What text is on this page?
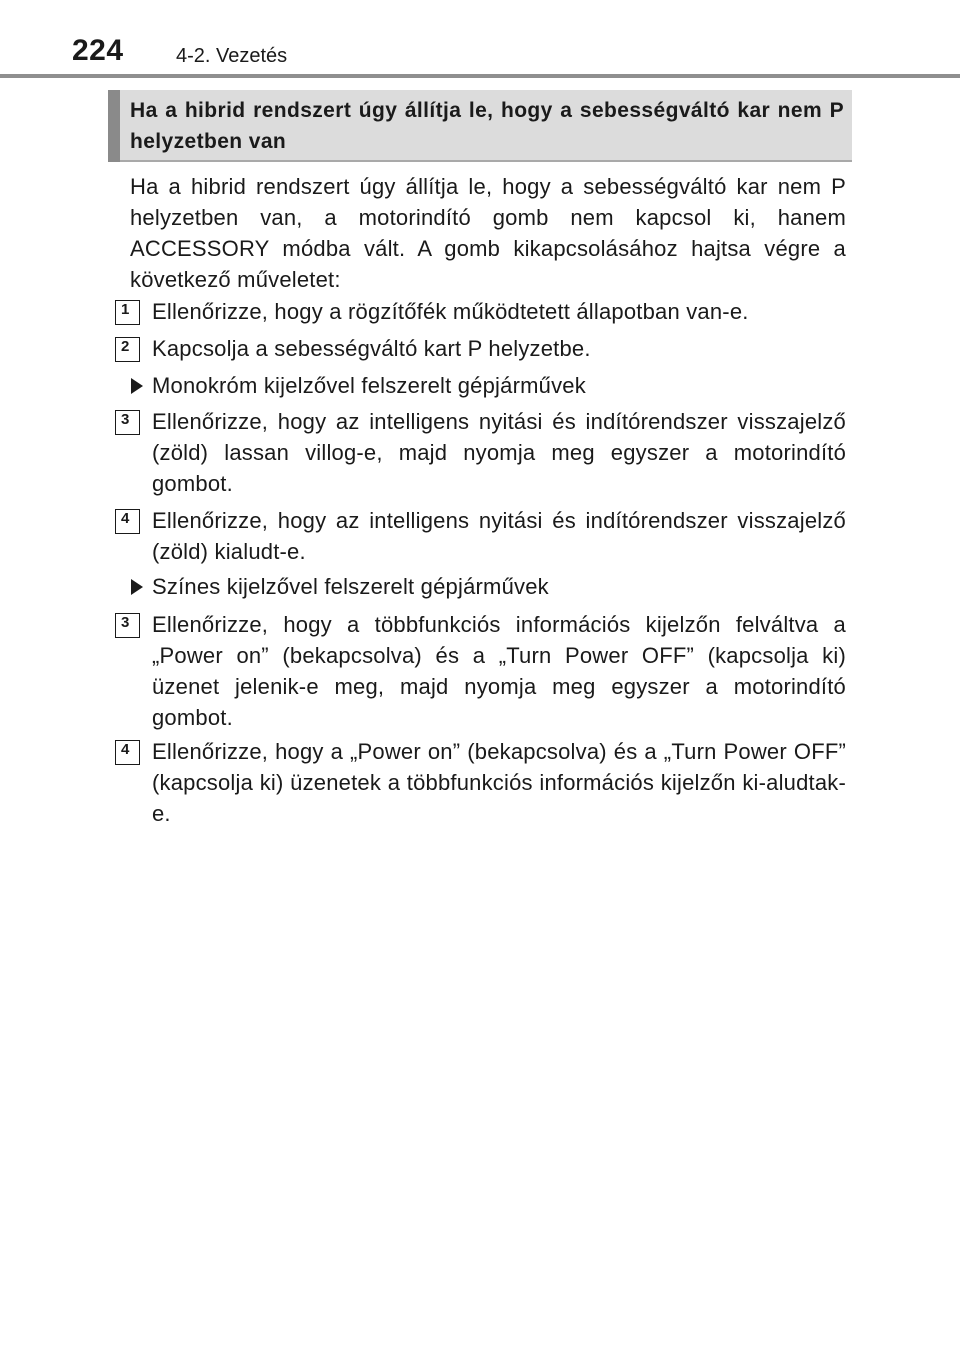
224	4-2. Vezetés
Ha a hibrid rendszert úgy állítja le, hogy a sebességváltó kar nem P helyzetben van

Ha a hibrid rendszert úgy állítja le, hogy a sebességváltó kar nem P helyzetben van, a motorindító gomb nem kapcsol ki, hanem ACCESSORY módba vált. A gomb kikapcsolásához hajtsa végre a következő műveletet:

1 Ellenőrizze, hogy a rögzítőfék működtetett állapotban van-e.
2 Kapcsolja a sebességváltó kart P helyzetbe.
Monokróm kijelzővel felszerelt gépjárművek
3 Ellenőrizze, hogy az intelligens nyitási és indítórendszer visszajelző (zöld) lassan villog-e, majd nyomja meg egyszer a motorindító gombot.
4 Ellenőrizze, hogy az intelligens nyitási és indítórendszer visszajelző (zöld) kialudt-e.
Színes kijelzővel felszerelt gépjárművek
3 Ellenőrizze, hogy a többfunkciós információs kijelzőn felváltva a „Power on” (bekapcsolva) és a „Turn Power OFF” (kapcsolja ki) üzenet jelenik-e meg, majd nyomja meg egyszer a motorindító gombot.
4 Ellenőrizze, hogy a „Power on” (bekapcsolva) és a „Turn Power OFF” (kapcsolja ki) üzenetek a többfunkciós információs kijelzőn ki-aludtak-e.
